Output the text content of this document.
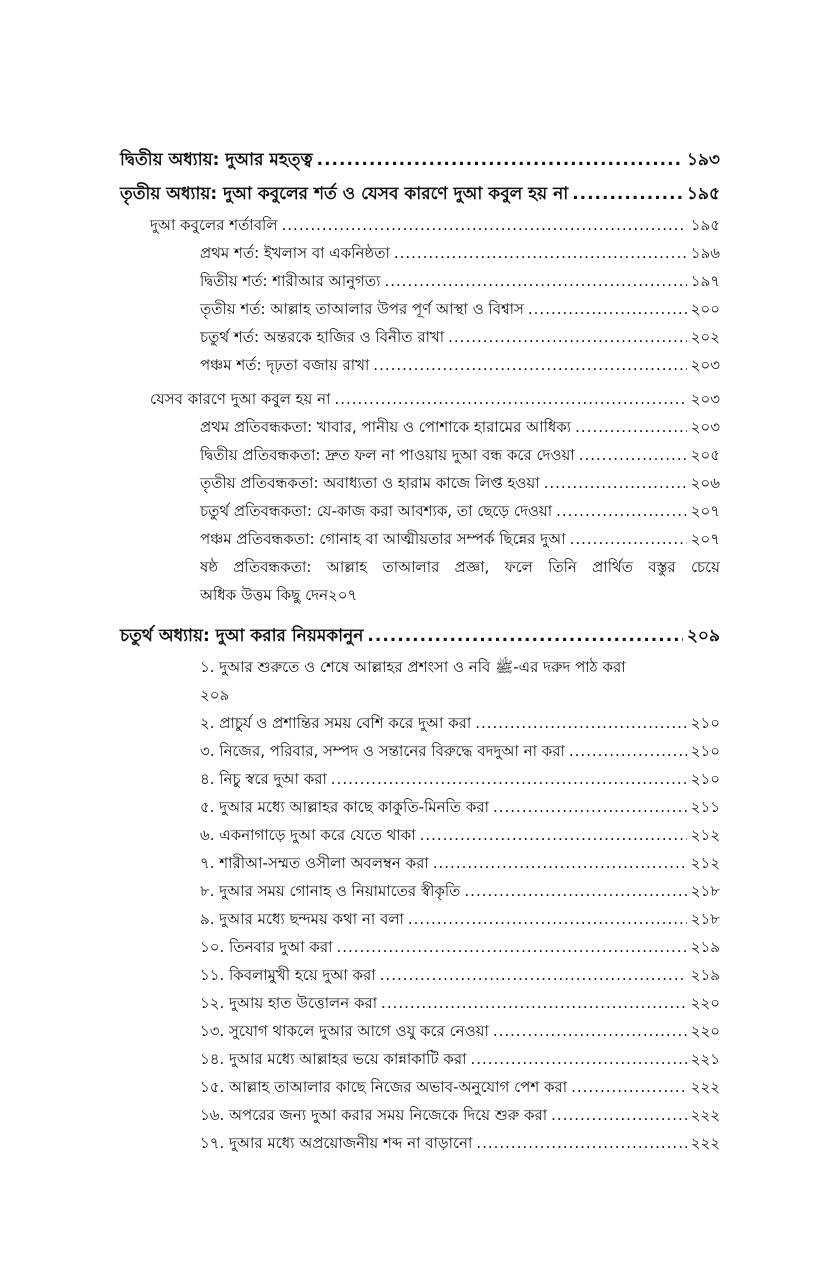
দ্বিতীয় অধ্যায়: দুআর মহত্ত্ব .....	১৯৩
তৃতীয় অধ্যায়: দুআ কবুলের শর্ত ও যেসব কারণে দুআ কবুল হয় না .....	১৯৫
দুআ কবুলের শর্তাবলি .....	১৯৫
প্রথম শর্ত: ইখলাস বা একনিষ্ঠতা .....	১৯৬
দ্বিতীয় শর্ত: শারীআর আনুগত্য .....	১৯৭
তৃতীয় শর্ত: আল্লাহ তাআলার উপর পূর্ণ আস্থা ও বিশ্বাস .....	২০০
চতুর্থ শর্ত: অন্তরকে হাজির ও বিনীত রাখা .....	২০২
পঞ্চম শর্ত: দৃঢ়তা বজায় রাখা .....	২০৩
যেসব কারণে দুআ কবুল হয় না .....	২০৩
প্রথম প্রতিবন্ধকতা: খাবার, পানীয় ও পোশাকে হারামের আধিক্য .....	২০৩
দ্বিতীয় প্রতিবন্ধকতা: দ্রুত ফল না পাওয়ায় দুআ বন্ধ করে দেওয়া .....	২০৫
তৃতীয় প্রতিবন্ধকতা: অবাধ্যতা ও হারাম কাজে লিপ্ত হওয়া .....	২০৬
চতুর্থ প্রতিবন্ধকতা: যে-কাজ করা আবশ্যক, তা ছেড়ে দেওয়া .....	২০৭
পঞ্চম প্রতিবন্ধকতা: গোনাহ বা আত্মীয়তার সম্পর্ক ছিন্নের দুআ .....	২০৭
ষষ্ঠ প্রতিবন্ধকতা: আল্লাহ তাআলার প্রজ্ঞা, ফলে তিনি প্রার্থিত বস্তুর চেয়ে
অধিক উত্তম কিছু দেন ২০৭
চতুর্থ অধ্যায়: দুআ করার নিয়মকানুন .....	২০৯
১. দুআর শুরুতে ও শেষে আল্লাহর প্রশংসা ও নবি ﷺ-এর দরুদ পাঠ করা
২০৯
২. প্রাচুর্য ও প্রশান্তির সময় বেশি করে দুআ করা .....	২১০
৩. নিজের, পরিবার, সম্পদ ও সন্তানের বিরুদ্ধে বদদুআ না করা .....	২১০
৪. নিচু স্বরে দুআ করা .....	২১০
৫. দুআর মধ্যে আল্লাহর কাছে কাকুতি-মিনতি করা .....	২১১
৬. একনাগাড়ে দুআ করে যেতে থাকা .....	২১২
৭. শারীআ-সম্মত ওসীলা অবলম্বন করা .....	২১২
৮. দুআর সময় গোনাহ ও নিয়ামাতের স্বীকৃতি .....	২১৮
৯. দুআর মধ্যে ছন্দময় কথা না বলা .....	২১৮
১০. তিনবার দুআ করা .....	২১৯
১১. কিবলামুখী হয়ে দুআ করা .....	২১৯
১২. দুআয় হাত উত্তোলন করা .....	২২০
১৩. সুযোগ থাকলে দুআর আগে ওযু করে নেওয়া .....	২২০
১৪. দুআর মধ্যে আল্লাহর ভয়ে কান্নাকাটি করা .....	২২১
১৫. আল্লাহ তাআলার কাছে নিজের অভাব-অনুযোগ পেশ করা .....	২২২
১৬. অপরের জন্য দুআ করার সময় নিজেকে দিয়ে শুরু করা .....	২২২
১৭. দুআর মধ্যে অপ্রয়োজনীয় শব্দ না বাড়ানো .....	২২২
